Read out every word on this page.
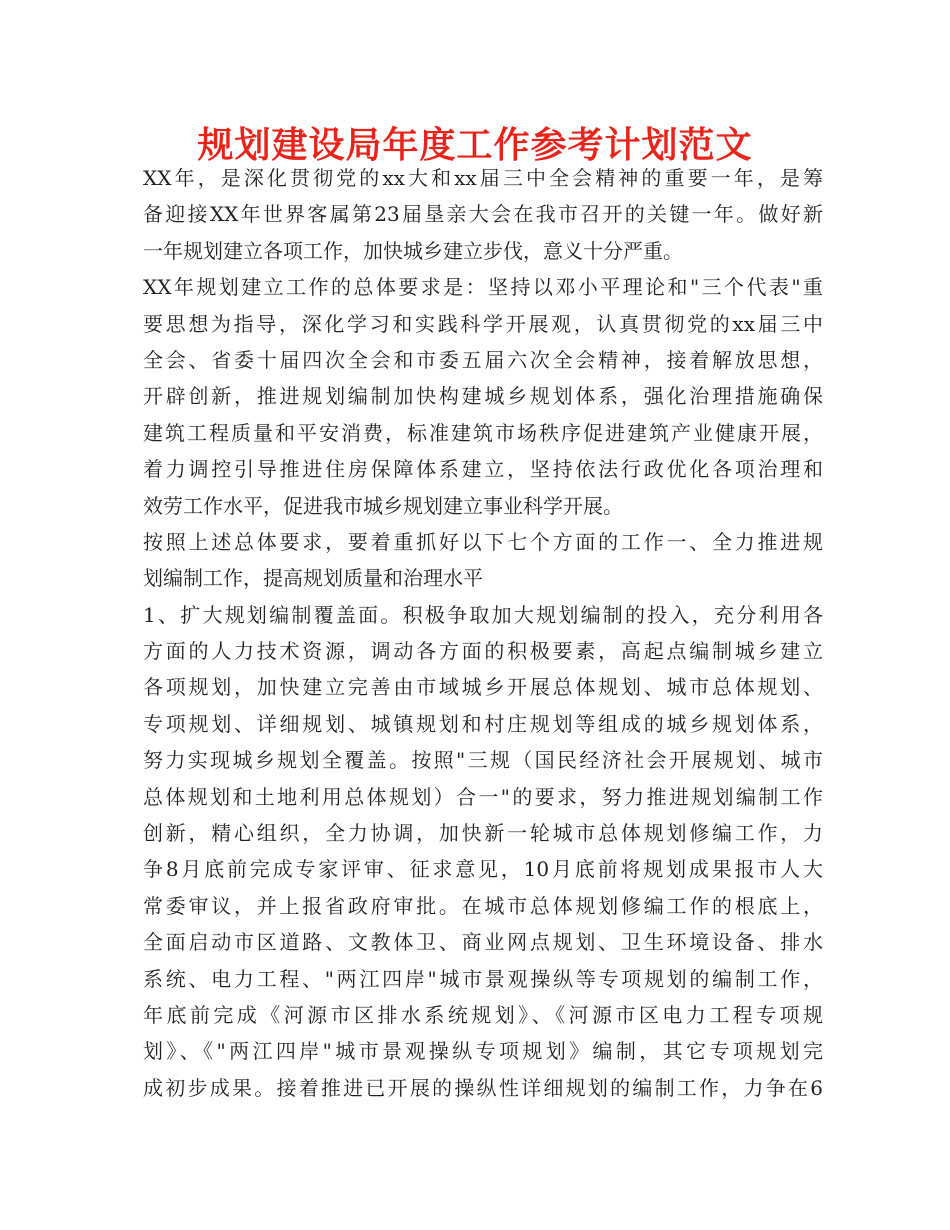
规划建设局年度工作参考计划范文
XX年，是深化贯彻党的xx大和xx届三中全会精神的重要一年，是筹
备迎接XX年世界客属第23届垦亲大会在我市召开的关键一年。做好新
一年规划建立各项工作，加快城乡建立步伐，意义十分严重。
XX年规划建立工作的总体要求是：坚持以邓小平理论和"三个代表"重
要思想为指导，深化学习和实践科学开展观，认真贯彻党的xx届三中
全会、省委十届四次全会和市委五届六次全会精神，接着解放思想，
开辟创新，推进规划编制加快构建城乡规划体系，强化治理措施确保
建筑工程质量和平安消费，标准建筑市场秩序促进建筑产业健康开展，
着力调控引导推进住房保障体系建立，坚持依法行政优化各项治理和
效劳工作水平，促进我市城乡规划建立事业科学开展。
按照上述总体要求，要着重抓好以下七个方面的工作一、全力推进规
划编制工作，提高规划质量和治理水平
1、扩大规划编制覆盖面。积极争取加大规划编制的投入，充分利用各
方面的人力技术资源，调动各方面的积极要素，高起点编制城乡建立
各项规划，加快建立完善由市域城乡开展总体规划、城市总体规划、
专项规划、详细规划、城镇规划和村庄规划等组成的城乡规划体系，
努力实现城乡规划全覆盖。按照"三规（国民经济社会开展规划、城市
总体规划和土地利用总体规划）合一"的要求，努力推进规划编制工作
创新，精心组织，全力协调，加快新一轮城市总体规划修编工作，力
争8月底前完成专家评审、征求意见，10月底前将规划成果报市人大
常委审议，并上报省政府审批。在城市总体规划修编工作的根底上，
全面启动市区道路、文教体卫、商业网点规划、卫生环境设备、排水
系统、电力工程、"两江四岸"城市景观操纵等专项规划的编制工作，
年底前完成《河源市区排水系统规划》、《河源市区电力工程专项规
划》、《"两江四岸"城市景观操纵专项规划》编制，其它专项规划完
成初步成果。接着推进已开展的操纵性详细规划的编制工作，力争在6
